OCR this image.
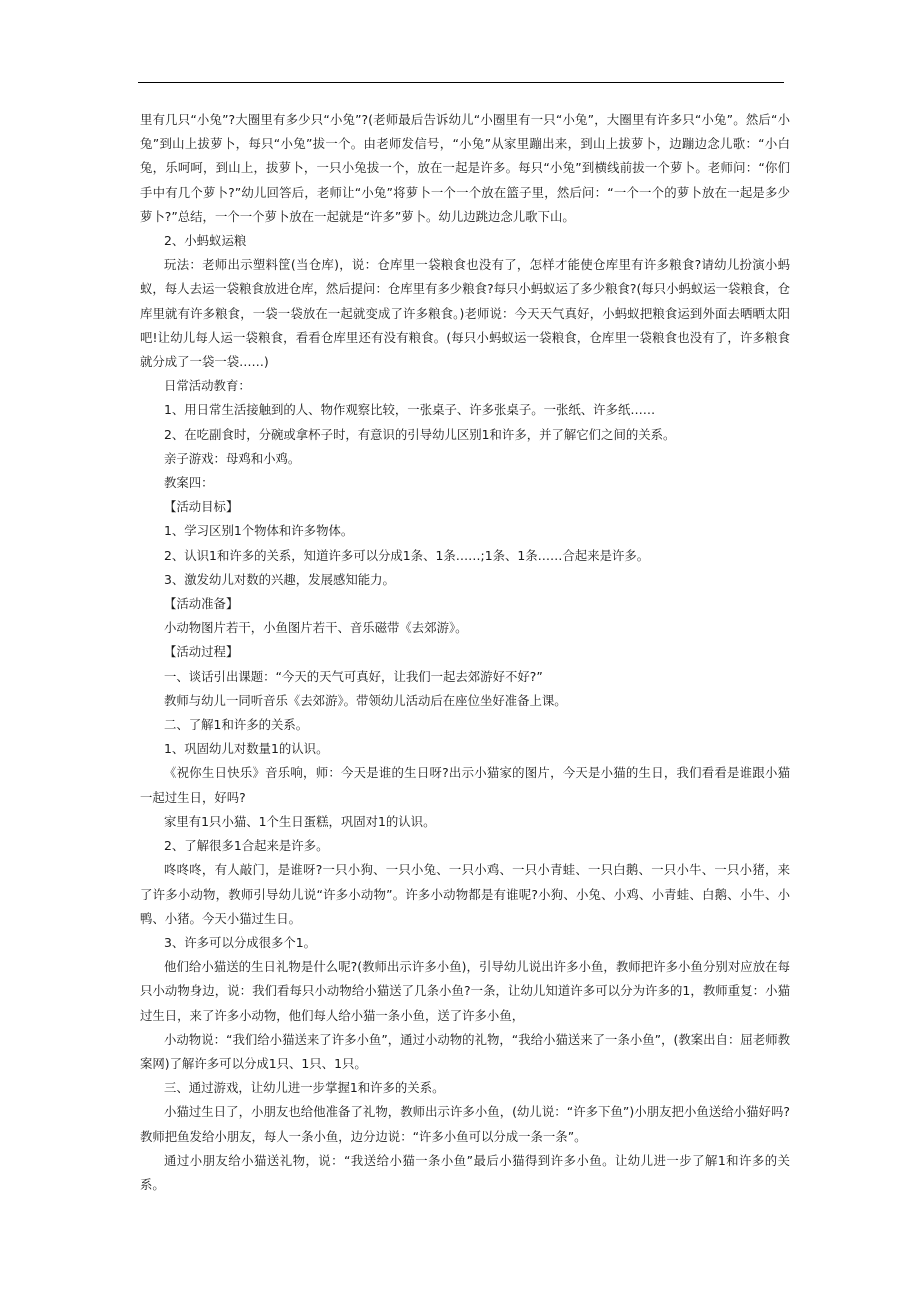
里有几只“小兔”?大圈里有多少只“小兔”?(老师最后告诉幼儿“小圈里有一只“小兔”，大圈里有许多只“小兔”。然后“小兔”到山上拔萝卜，每只“小兔”拔一个。由老师发信号，“小兔”从家里蹦出来，到山上拔萝卜，边蹦边念儿歌：“小白兔，乐呵呵，到山上，拔萝卜，一只小兔拔一个，放在一起是许多。每只“小兔”到横线前拔一个萝卜。老师问：“你们手中有几个萝卜?”幼儿回答后，老师让“小兔”将萝卜一个一个放在篮子里，然后问：“一个一个的萝卜放在一起是多少萝卜?”总结，一个一个萝卜放在一起就是“许多”萝卜。幼儿边跳边念儿歌下山。

2、小蚂蚁运粮

玩法：老师出示塑料筐(当仓库)，说：仓库里一袋粮食也没有了，怎样才能使仓库里有许多粮食?请幼儿扮演小蚂蚁，每人去运一袋粮食放进仓库，然后提问：仓库里有多少粮食?每只小蚂蚁运了多少粮食?(每只小蚂蚁运一袋粮食，仓库里就有许多粮食，一袋一袋放在一起就变成了许多粮食。)老师说：今天天气真好，小蚂蚁把粮食运到外面去晒晒太阳吧!让幼儿每人运一袋粮食，看看仓库里还有没有粮食。(每只小蚂蚁运一袋粮食，仓库里一袋粮食也没有了，许多粮食就分成了一袋一袋……)

日常活动教育：

1、用日常生活接触到的人、物作观察比较，一张桌子、许多张桌子。一张纸、许多纸……

2、在吃副食时，分碗或拿杯子时，有意识的引导幼儿区别1和许多，并了解它们之间的关系。

亲子游戏：母鸡和小鸡。

教案四：

【活动目标】

1、学习区别1个物体和许多物体。

2、认识1和许多的关系，知道许多可以分成1条、1条……;1条、1条……合起来是许多。

3、激发幼儿对数的兴趣，发展感知能力。

【活动准备】

小动物图片若干，小鱼图片若干、音乐磁带《去郊游》。

【活动过程】

一、谈话引出课题：“今天的天气可真好，让我们一起去郊游好不好?”

教师与幼儿一同听音乐《去郊游》。带领幼儿活动后在座位坐好准备上课。

二、了解1和许多的关系。

1、巩固幼儿对数量1的认识。

《祝你生日快乐》音乐响，师：今天是谁的生日呀?出示小猫家的图片，今天是小猫的生日，我们看看是谁跟小猫一起过生日，好吗?

家里有1只小猫、1个生日蛋糕，巩固对1的认识。

2、了解很多1合起来是许多。

咚咚咚，有人敲门，是谁呀?一只小狗、一只小兔、一只小鸡、一只小青蛙、一只白鹅、一只小牛、一只小猪，来了许多小动物，教师引导幼儿说“许多小动物”。许多小动物都是有谁呢?小狗、小兔、小鸡、小青蛙、白鹅、小牛、小鸭、小猪。今天小猫过生日。

3、许多可以分成很多个1。

他们给小猫送的生日礼物是什么呢?(教师出示许多小鱼)，引导幼儿说出许多小鱼，教师把许多小鱼分别对应放在每只小动物身边，说：我们看每只小动物给小猫送了几条小鱼?一条，让幼儿知道许多可以分为许多的1，教师重复：小猫过生日，来了许多小动物，他们每人给小猫一条小鱼，送了许多小鱼，

小动物说：“我们给小猫送来了许多小鱼”，通过小动物的礼物，“我给小猫送来了一条小鱼”，(教案出自：屈老师教案网)了解许多可以分成1只、1只、1只。

三、通过游戏，让幼儿进一步掌握1和许多的关系。

小猫过生日了，小朋友也给他准备了礼物，教师出示许多小鱼，(幼儿说：“许多下鱼”)小朋友把小鱼送给小猫好吗?教师把鱼发给小朋友，每人一条小鱼，边分边说：“许多小鱼可以分成一条一条”。

通过小朋友给小猫送礼物，说：“我送给小猫一条小鱼”最后小猫得到许多小鱼。让幼儿进一步了解1和许多的关系。
